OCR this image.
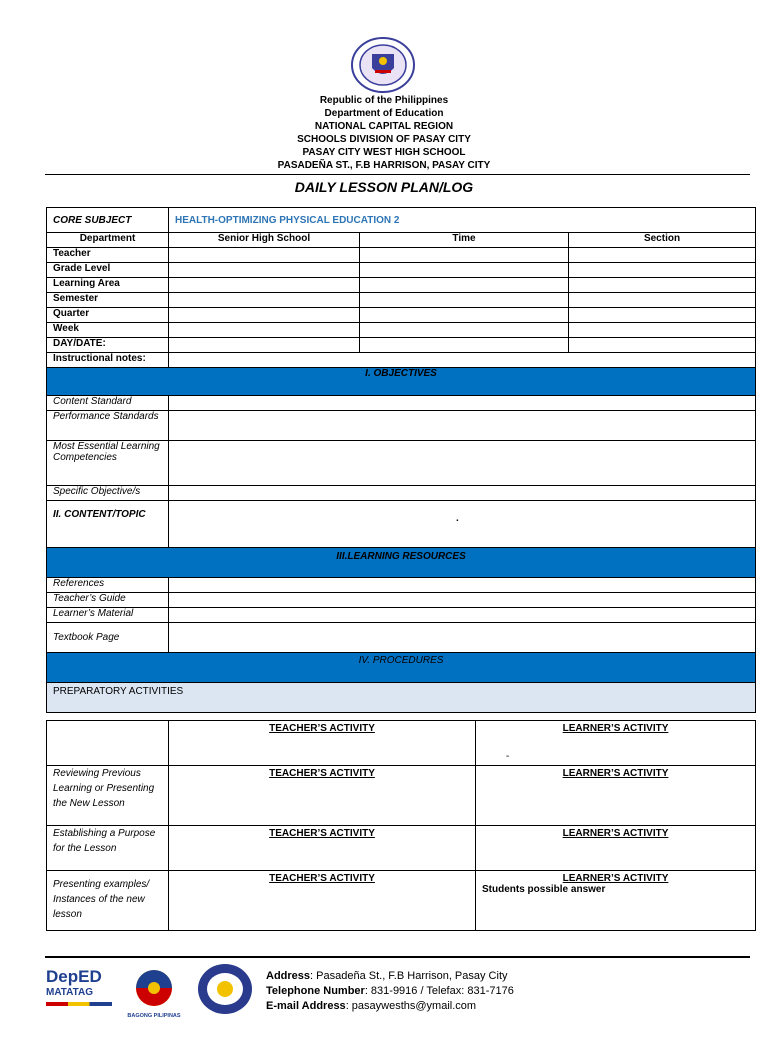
Republic of the Philippines
Department of Education
NATIONAL CAPITAL REGION
SCHOOLS DIVISION OF PASAY CITY
PASAY CITY WEST HIGH SCHOOL
PASADEÑA ST., F.B HARRISON, PASAY CITY
DAILY LESSON PLAN/LOG
CORE SUBJECT	HEALTH-OPTIMIZING PHYSICAL EDUCATION 2		
Department	Senior High School	Time	Section
Teacher			
Grade Level			
Learning Area			
Semester			
Quarter			
Week			
DAY/DATE:			
Instructional notes:			
I. OBJECTIVES			
Content Standard			
Performance Standards			
Most Essential Learning Competencies			
Specific Objective/s			
II. CONTENT/TOPIC	.		

III.LEARNING RESOURCES			
References			
Teacher’s Guide			
Learner’s Material			
Textbook Page			
IV. PROCEDURES			
PREPARATORY ACTIVITIES			
	TEACHER’S ACTIVITY	LEARNER’S ACTIVITY
-

Reviewing Previous Learning or Presenting the New Lesson	TEACHER’S ACTIVITY	LEARNER’S ACTIVITY
Establishing a Purpose for the Lesson	TEACHER’S ACTIVITY	LEARNER’S ACTIVITY
Presenting examples/ Instances of the new lesson	TEACHER’S ACTIVITY	LEARNER’S ACTIVITY
Students possible answer
DepED
MATATAG
BAGONG PILIPINAS
Address: Pasadeña St., F.B Harrison, Pasay City
Telephone Number: 831-9916 / Telefax: 831-7176
E-mail Address: pasaywesths@ymail.com
